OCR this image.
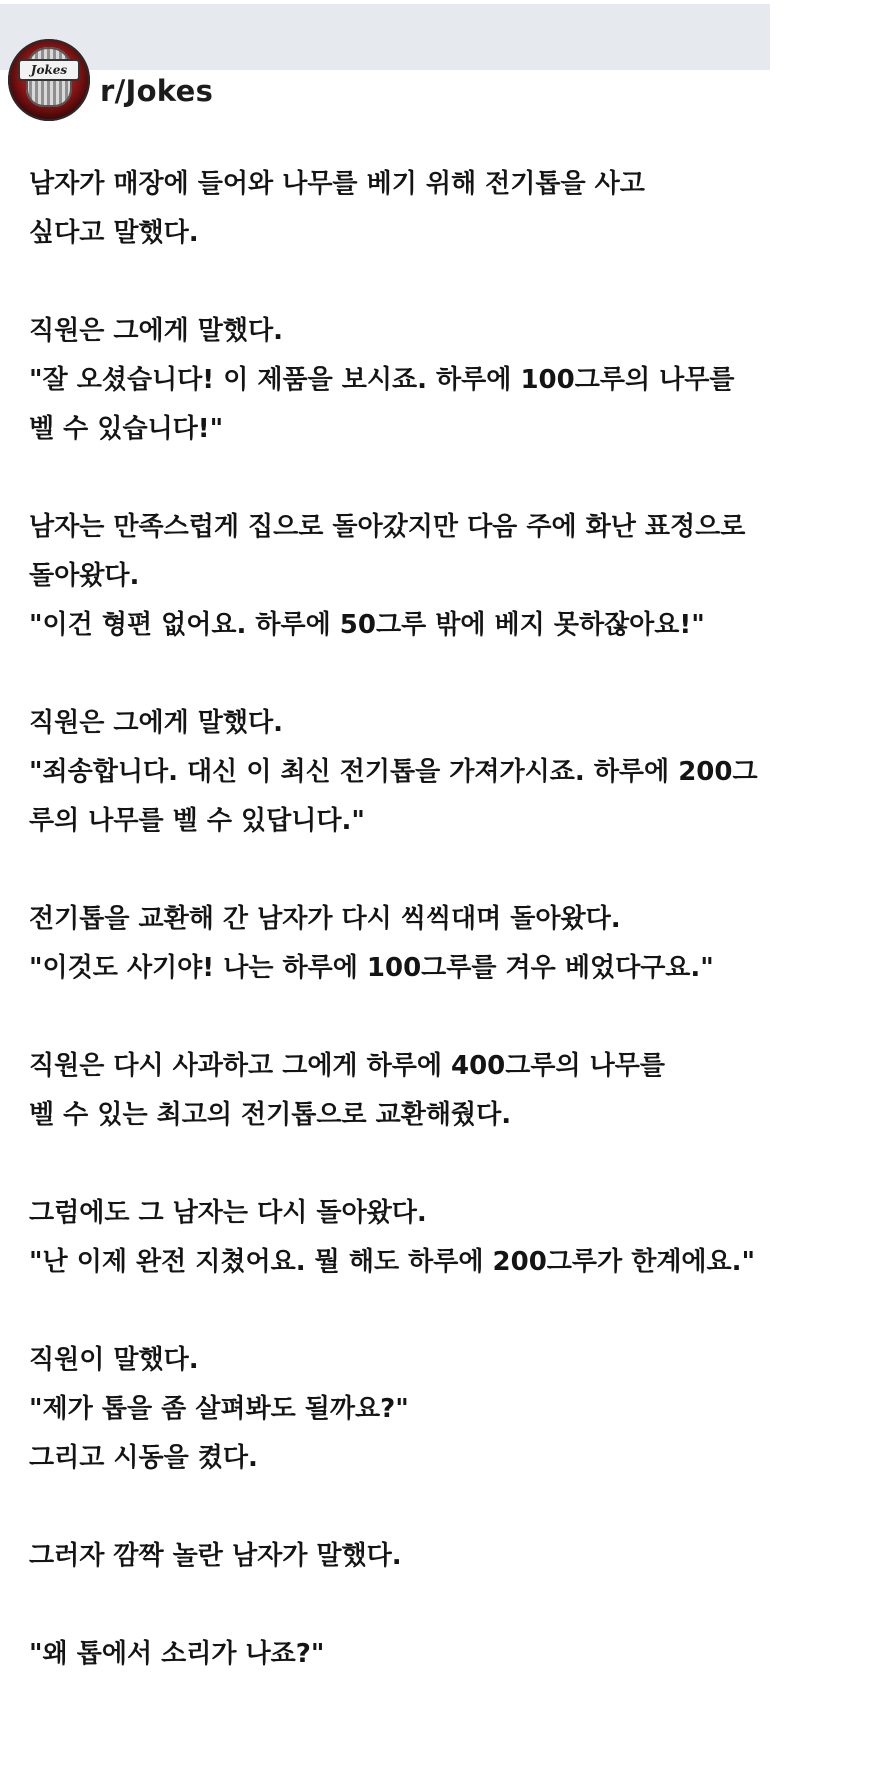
Jokes
r/Jokes
남자가 매장에 들어와 나무를 베기 위해 전기톱을 사고
싶다고 말했다.
직원은 그에게 말했다.
"잘 오셨습니다! 이 제품을 보시죠. 하루에 100그루의 나무를
벨 수 있습니다!"
남자는 만족스럽게 집으로 돌아갔지만 다음 주에 화난 표정으로
돌아왔다.
"이건 형편 없어요. 하루에 50그루 밖에 베지 못하잖아요!"
직원은 그에게 말했다.
"죄송합니다. 대신 이 최신 전기톱을 가져가시죠. 하루에 200그
루의 나무를 벨 수 있답니다."
전기톱을 교환해 간 남자가 다시 씩씩대며 돌아왔다.
"이것도 사기야! 나는 하루에 100그루를 겨우 베었다구요."
직원은 다시 사과하고 그에게 하루에 400그루의 나무를
벨 수 있는 최고의 전기톱으로 교환해줬다.
그럼에도 그 남자는 다시 돌아왔다.
"난 이제 완전 지쳤어요. 뭘 해도 하루에 200그루가 한계에요."
직원이 말했다.
"제가 톱을 좀 살펴봐도 될까요?"
그리고 시동을 켰다.
그러자 깜짝 놀란 남자가 말했다.
"왜 톱에서 소리가 나죠?"
